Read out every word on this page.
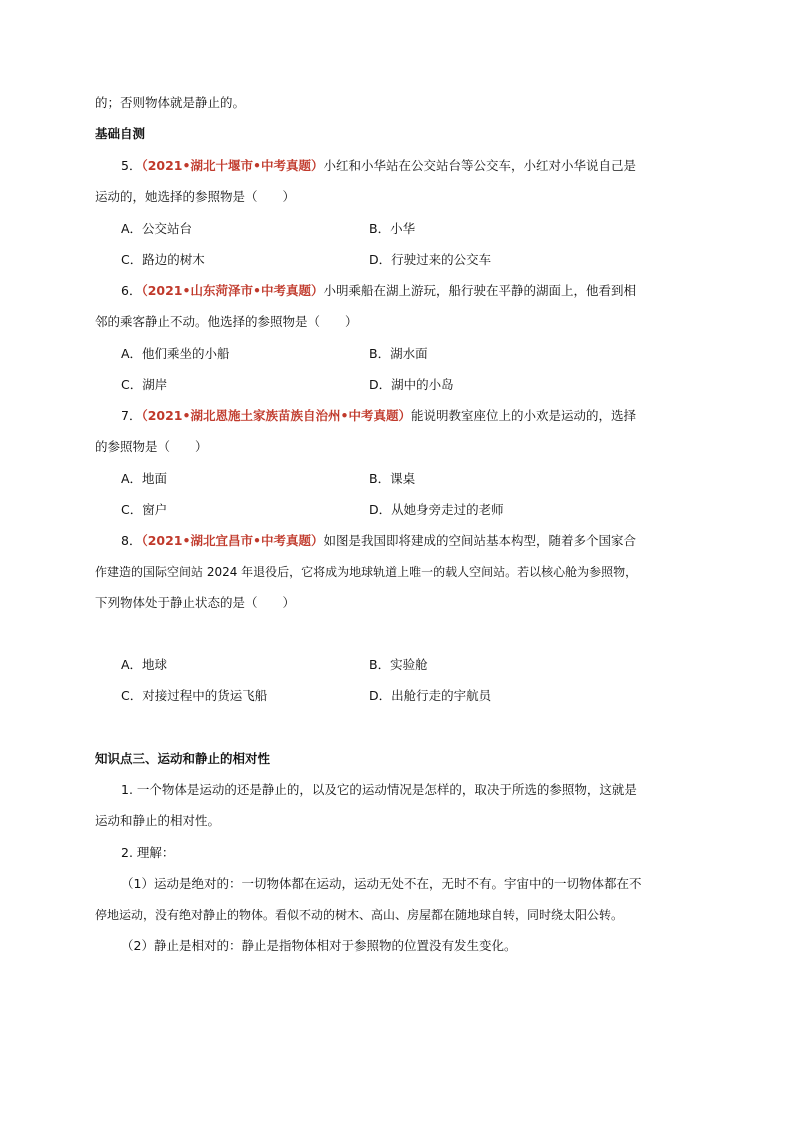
的；否则物体就是静止的。
基础自测
5．（2021•湖北十堰市•中考真题）小红和小华站在公交站台等公交车，小红对小华说自己是
运动的，她选择的参照物是（　　）
A．公交站台	B．小华
C．路边的树木	D．行驶过来的公交车
6．（2021•山东菏泽市•中考真题）小明乘船在湖上游玩，船行驶在平静的湖面上，他看到相
邻的乘客静止不动。他选择的参照物是（　　）
A．他们乘坐的小船	B．湖水面
C．湖岸	D．湖中的小岛
7．（2021•湖北恩施土家族苗族自治州•中考真题）能说明教室座位上的小欢是运动的，选择
的参照物是（　　）
A．地面	B．课桌
C．窗户	D．从她身旁走过的老师
8．（2021•湖北宜昌市•中考真题）如图是我国即将建成的空间站基本构型，随着多个国家合
作建造的国际空间站 2024 年退役后，它将成为地球轨道上唯一的载人空间站。若以核心舱为参照物，
下列物体处于静止状态的是（　　）
A．地球	B．实验舱
C．对接过程中的货运飞船	D．出舱行走的宇航员
知识点三、运动和静止的相对性
1. 一个物体是运动的还是静止的，以及它的运动情况是怎样的，取决于所选的参照物，这就是
运动和静止的相对性。
2. 理解：
（1）运动是绝对的：一切物体都在运动，运动无处不在，无时不有。宇宙中的一切物体都在不
停地运动，没有绝对静止的物体。看似不动的树木、高山、房屋都在随地球自转，同时绕太阳公转。
（2）静止是相对的：静止是指物体相对于参照物的位置没有发生变化。
